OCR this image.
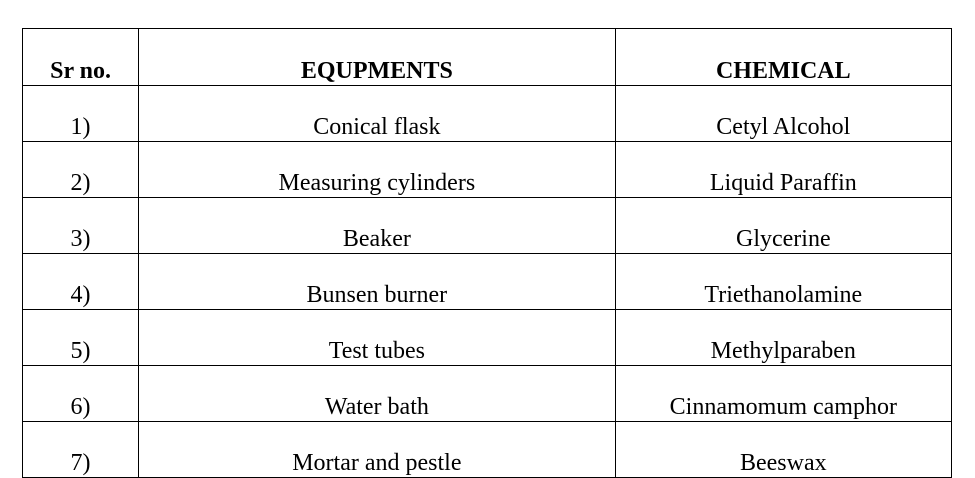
Sr no.	EQUPMENTS	CHEMICAL
1)	Conical flask	Cetyl Alcohol
2)	Measuring cylinders	Liquid Paraffin
3)	Beaker	Glycerine
4)	Bunsen burner	Triethanolamine
5)	Test tubes	Methylparaben
6)	Water bath	Cinnamomum camphor
7)	Mortar and pestle	Beeswax
